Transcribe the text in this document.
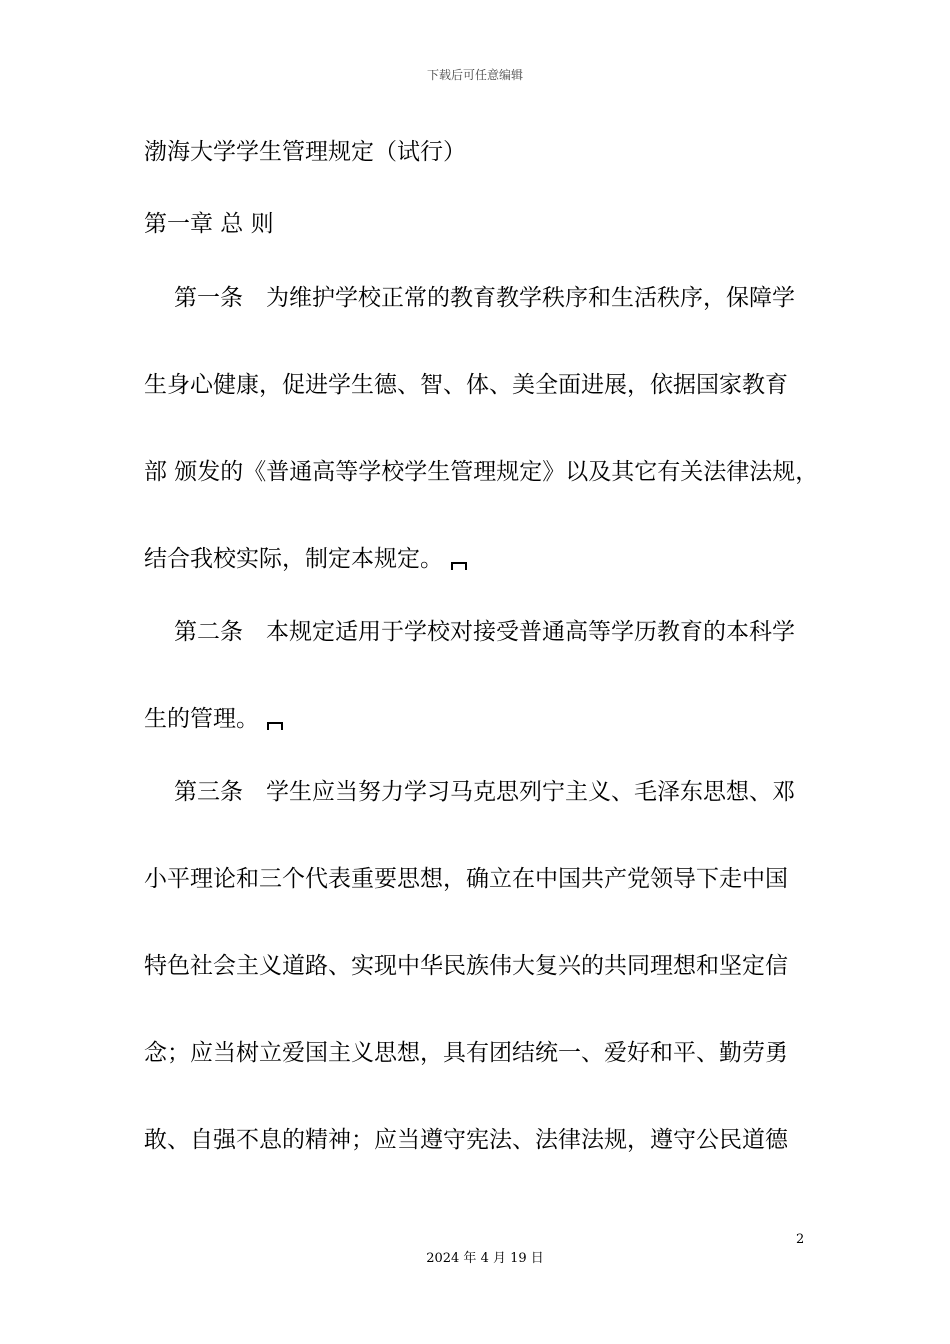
下载后可任意编辑
渤海大学学生管理规定（试行）
第一章 总 则
第一条　为维护学校正常的教育教学秩序和生活秩序，保障学
生身心健康，促进学生德、智、体、美全面进展，依据国家教育
部 颁发的《普通高等学校学生管理规定》以及其它有关法律法规，
结合我校实际，制定本规定。
第二条　本规定适用于学校对接受普通高等学历教育的本科学
生的管理。
第三条　学生应当努力学习马克思列宁主义、毛泽东思想、邓
小平理论和三个代表重要思想，确立在中国共产党领导下走中国
特色社会主义道路、实现中华民族伟大复兴的共同理想和坚定信
念；应当树立爱国主义思想，具有团结统一、爱好和平、勤劳勇
敢、自强不息的精神；应当遵守宪法、法律法规，遵守公民道德
2
2024 年 4 月 19 日
